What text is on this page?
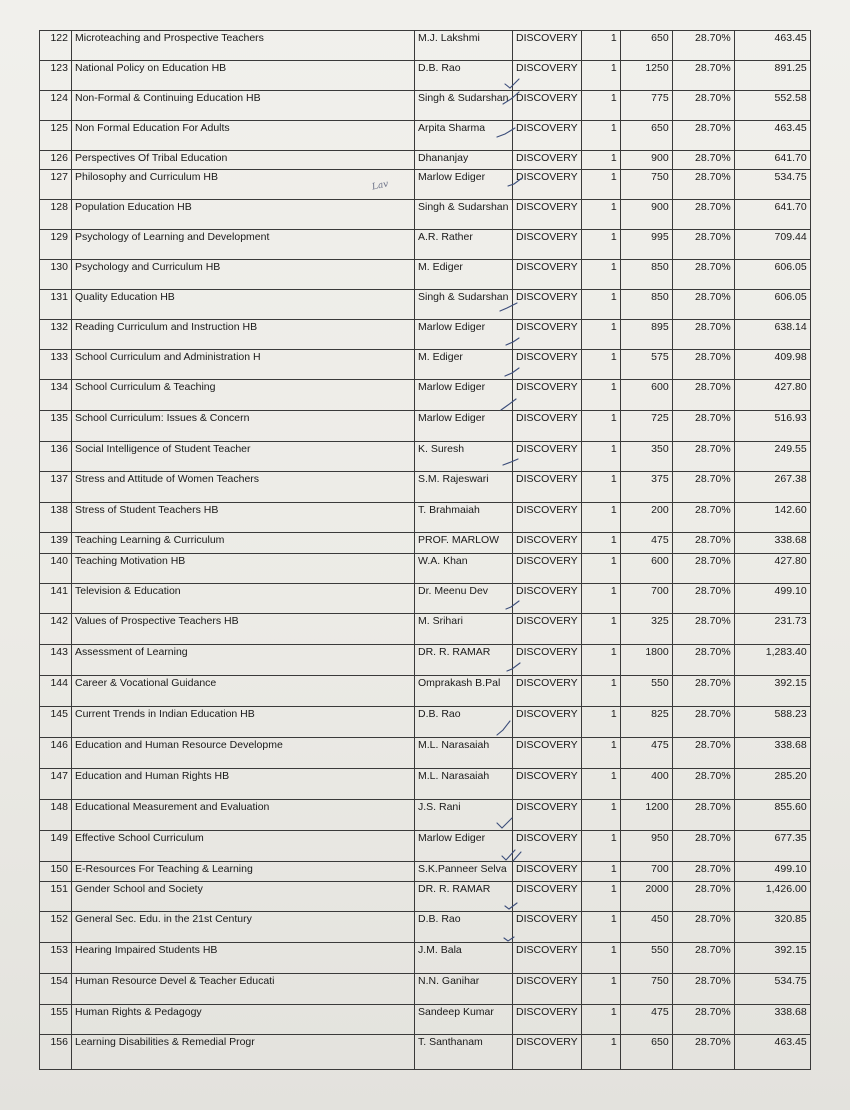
122	Microteaching and Prospective Teachers	M.J. Lakshmi	DISCOVERY	1	650	28.70%	463.45
123	National Policy on Education HB	D.B. Rao	DISCOVERY	1	1250	28.70%	891.25
124	Non-Formal & Continuing Education HB	Singh & Sudarshan	DISCOVERY	1	775	28.70%	552.58
125	Non Formal Education For Adults	Arpita Sharma	DISCOVERY	1	650	28.70%	463.45
126	Perspectives Of Tribal Education	Dhananjay	DISCOVERY	1	900	28.70%	641.70
127	Philosophy and Curriculum HB	Marlow Ediger	DISCOVERY	1	750	28.70%	534.75
128	Population Education HB	Singh & Sudarshan	DISCOVERY	1	900	28.70%	641.70
129	Psychology of Learning and Development	A.R. Rather	DISCOVERY	1	995	28.70%	709.44
130	Psychology and Curriculum HB	M. Ediger	DISCOVERY	1	850	28.70%	606.05
131	Quality Education HB	Singh & Sudarshan	DISCOVERY	1	850	28.70%	606.05
132	Reading Curriculum and Instruction HB	Marlow Ediger	DISCOVERY	1	895	28.70%	638.14
133	School Curriculum and Administration H	M. Ediger	DISCOVERY	1	575	28.70%	409.98
134	School Curriculum & Teaching	Marlow Ediger	DISCOVERY	1	600	28.70%	427.80
135	School Curriculum: Issues & Concern	Marlow Ediger	DISCOVERY	1	725	28.70%	516.93
136	Social Intelligence of Student Teacher	K. Suresh	DISCOVERY	1	350	28.70%	249.55
137	Stress and Attitude of Women Teachers	S.M. Rajeswari	DISCOVERY	1	375	28.70%	267.38
138	Stress of Student Teachers HB	T. Brahmaiah	DISCOVERY	1	200	28.70%	142.60
139	Teaching Learning & Curriculum	PROF. MARLOW	DISCOVERY	1	475	28.70%	338.68
140	Teaching Motivation HB	W.A. Khan	DISCOVERY	1	600	28.70%	427.80
141	Television & Education	Dr. Meenu Dev	DISCOVERY	1	700	28.70%	499.10
142	Values of Prospective Teachers HB	M. Srihari	DISCOVERY	1	325	28.70%	231.73
143	Assessment of Learning	DR. R. RAMAR	DISCOVERY	1	1800	28.70%	1,283.40
144	Career & Vocational Guidance	Omprakash B.Pal	DISCOVERY	1	550	28.70%	392.15
145	Current Trends in Indian Education HB	D.B. Rao	DISCOVERY	1	825	28.70%	588.23
146	Education and Human Resource Developme	M.L. Narasaiah	DISCOVERY	1	475	28.70%	338.68
147	Education and Human Rights HB	M.L. Narasaiah	DISCOVERY	1	400	28.70%	285.20
148	Educational Measurement and Evaluation	J.S. Rani	DISCOVERY	1	1200	28.70%	855.60
149	Effective School Curriculum	Marlow Ediger	DISCOVERY	1	950	28.70%	677.35
150	E-Resources For Teaching & Learning	S.K.Panneer Selva	DISCOVERY	1	700	28.70%	499.10
151	Gender School and Society	DR. R. RAMAR	DISCOVERY	1	2000	28.70%	1,426.00
152	General Sec. Edu. in the 21st Century	D.B. Rao	DISCOVERY	1	450	28.70%	320.85
153	Hearing Impaired Students HB	J.M. Bala	DISCOVERY	1	550	28.70%	392.15
154	Human Resource Devel & Teacher Educati	N.N. Ganihar	DISCOVERY	1	750	28.70%	534.75
155	Human Rights & Pedagogy	Sandeep Kumar	DISCOVERY	1	475	28.70%	338.68
156	Learning Disabilities & Remedial Progr	T. Santhanam	DISCOVERY	1	650	28.70%	463.45
Lav
